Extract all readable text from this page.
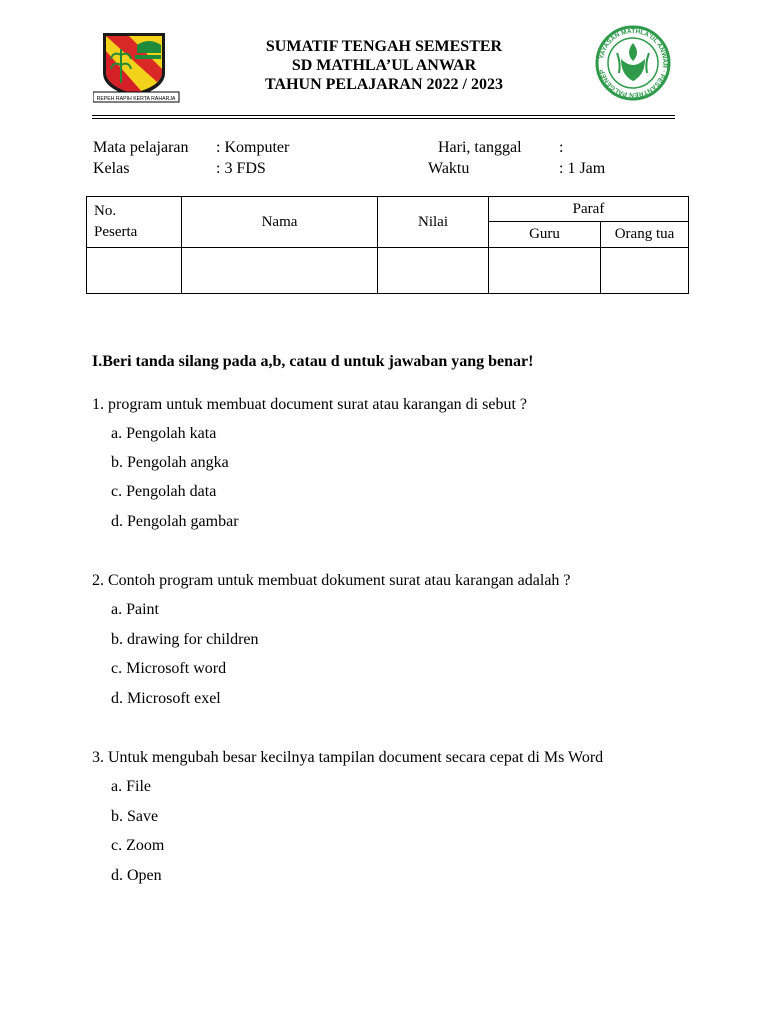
REPEH RAPIH KERTA RAHARJA
SUMATIF TENGAH SEMESTER
SD MATHLA’UL ANWAR
TAHUN PELAJARAN 2022 / 2023
YAYASAN MATHLA'UL ANWAR · PESANTREN PALGENEP
Mata pelajaran : Komputer
Kelas	: 3 FDS
Hari, tanggal :
Waktu	: 1 Jam
No.
Peserta	Nama	Nilai	Paraf	
			Guru	Orang tua

I.Beri tanda silang pada a,b, catau d untuk jawaban yang benar!
1. program untuk membuat document surat atau karangan di sebut ?
a. Pengolah kata
b. Pengolah angka
c. Pengolah data
d. Pengolah gambar
2. Contoh program untuk membuat dokument surat atau karangan adalah ?
a. Paint
b. drawing for children
c. Microsoft word
d. Microsoft exel
3. Untuk mengubah besar kecilnya tampilan document secara cepat di Ms Word
a. File
b. Save
c. Zoom
d. Open
